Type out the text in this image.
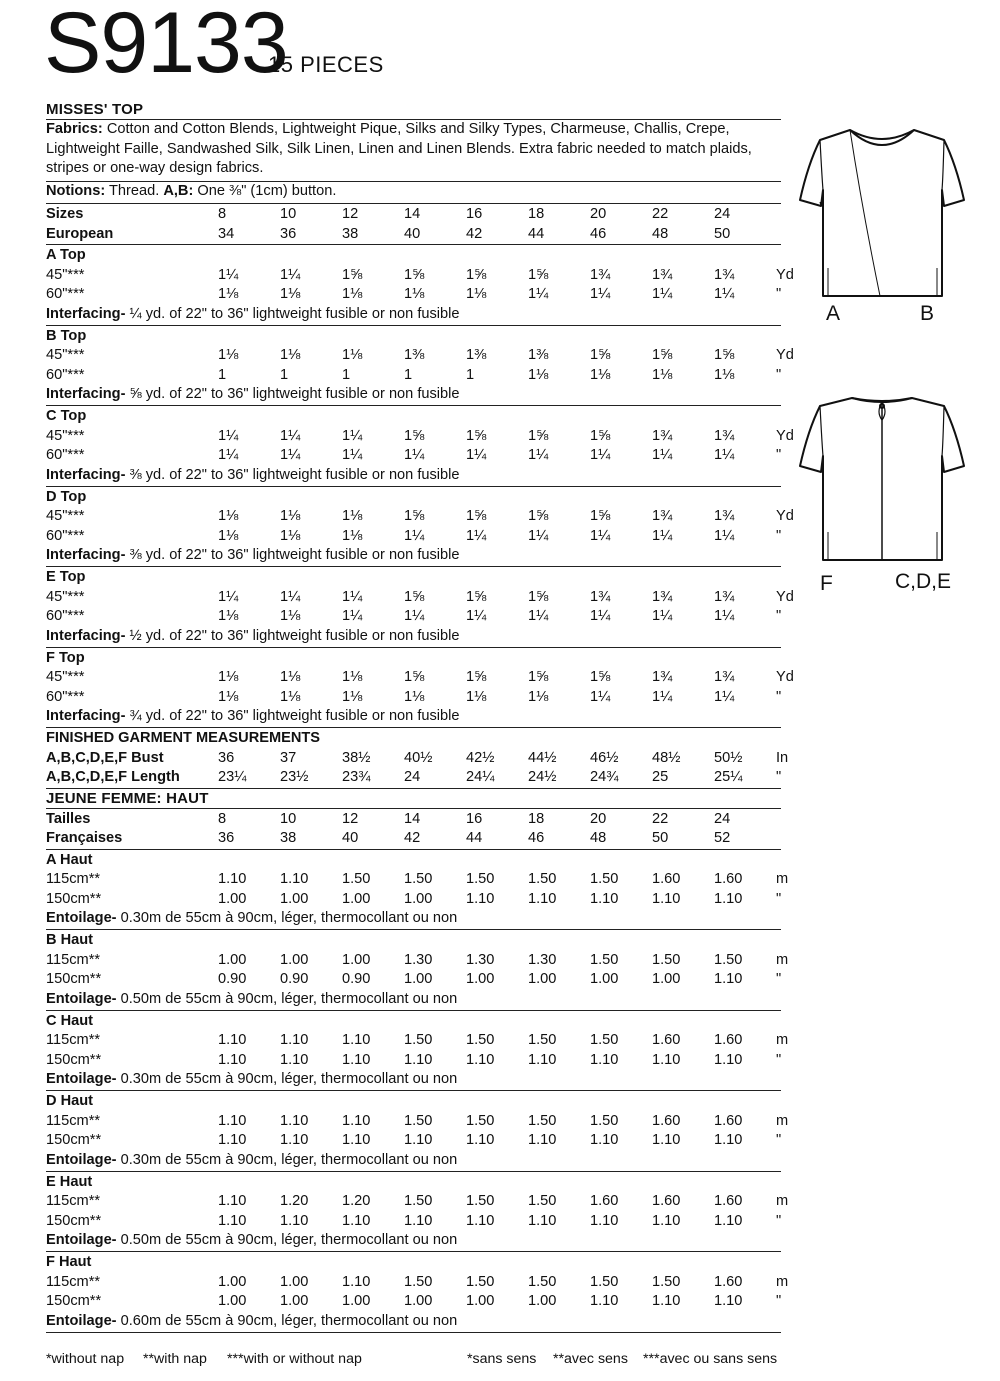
S9133
15 PIECES
MISSES' TOP
Fabrics: Cotton and Cotton Blends, Lightweight Pique, Silks and Silky Types, Charmeuse, Challis, Crepe, Lightweight Faille, Sandwashed Silk, Silk Linen, Linen and Linen Blends. Extra fabric needed to match plaids, stripes or one-way design fabrics.
Notions: Thread. A,B: One ⅜" (1cm) button.
Sizes	8	10	12	14	16	18	20	22	24
European	34	36	38	40	42	44	46	48	50
A Top
45"***	1¼	1¼	1⅝	1⅝	1⅝	1⅝	1¾	1¾	1¾	Yd
60"***	1⅛	1⅛	1⅛	1⅛	1⅛	1¼	1¼	1¼	1¼	"
Interfacing- ¼ yd. of 22" to 36" lightweight fusible or non fusible
B Top
45"***	1⅛	1⅛	1⅛	1⅜	1⅜	1⅜	1⅝	1⅝	1⅝	Yd
60"***	1	1	1	1	1	1⅛	1⅛	1⅛	1⅛	"
Interfacing- ⅝ yd. of 22" to 36" lightweight fusible or non fusible
C Top
45"***	1¼	1¼	1¼	1⅝	1⅝	1⅝	1⅝	1¾	1¾	Yd
60"***	1¼	1¼	1¼	1¼	1¼	1¼	1¼	1¼	1¼	"
Interfacing- ⅜ yd. of 22" to 36" lightweight fusible or non fusible
D Top
45"***	1⅛	1⅛	1⅛	1⅝	1⅝	1⅝	1⅝	1¾	1¾	Yd
60"***	1⅛	1⅛	1⅛	1¼	1¼	1¼	1¼	1¼	1¼	"
Interfacing- ⅜ yd. of 22" to 36" lightweight fusible or non fusible
E Top
45"***	1¼	1¼	1¼	1⅝	1⅝	1⅝	1¾	1¾	1¾	Yd
60"***	1⅛	1⅛	1¼	1¼	1¼	1¼	1¼	1¼	1¼	"
Interfacing- ½ yd. of 22" to 36" lightweight fusible or non fusible
F Top
45"***	1⅛	1⅛	1⅛	1⅝	1⅝	1⅝	1⅝	1¾	1¾	Yd
60"***	1⅛	1⅛	1⅛	1⅛	1⅛	1⅛	1¼	1¼	1¼	"
Interfacing- ¾ yd. of 22" to 36" lightweight fusible or non fusible
FINISHED GARMENT MEASUREMENTS
A,B,C,D,E,F Bust	36	37	38½	40½	42½	44½	46½	48½	50½	In
A,B,C,D,E,F Length	23¼	23½	23¾	24	24¼	24½	24¾	25	25¼	"
JEUNE FEMME: HAUT
Tailles	8	10	12	14	16	18	20	22	24
Françaises	36	38	40	42	44	46	48	50	52
A Haut
115cm**	1.10	1.10	1.50	1.50	1.50	1.50	1.50	1.60	1.60	m
150cm**	1.00	1.00	1.00	1.00	1.10	1.10	1.10	1.10	1.10	"
Entoilage- 0.30m de 55cm à 90cm, léger, thermocollant ou non
B Haut
115cm**	1.00	1.00	1.00	1.30	1.30	1.30	1.50	1.50	1.50	m
150cm**	0.90	0.90	0.90	1.00	1.00	1.00	1.00	1.00	1.10	"
Entoilage- 0.50m de 55cm à 90cm, léger, thermocollant ou non
C Haut
115cm**	1.10	1.10	1.10	1.50	1.50	1.50	1.50	1.60	1.60	m
150cm**	1.10	1.10	1.10	1.10	1.10	1.10	1.10	1.10	1.10	"
Entoilage- 0.30m de 55cm à 90cm, léger, thermocollant ou non
D Haut
115cm**	1.10	1.10	1.10	1.50	1.50	1.50	1.50	1.60	1.60	m
150cm**	1.10	1.10	1.10	1.10	1.10	1.10	1.10	1.10	1.10	"
Entoilage- 0.30m de 55cm à 90cm, léger, thermocollant ou non
E Haut
115cm**	1.10	1.20	1.20	1.50	1.50	1.50	1.60	1.60	1.60	m
150cm**	1.10	1.10	1.10	1.10	1.10	1.10	1.10	1.10	1.10	"
Entoilage- 0.50m de 55cm à 90cm, léger, thermocollant ou non
F Haut
115cm**	1.00	1.00	1.10	1.50	1.50	1.50	1.50	1.50	1.60	m
150cm**	1.00	1.00	1.00	1.00	1.00	1.00	1.10	1.10	1.10	"
Entoilage- 0.60m de 55cm à 90cm, léger, thermocollant ou non
*without nap	**with nap	***with or without nap	*sans sens	**avec sens	***avec ou sans sens
A	B
F	C,D,E
